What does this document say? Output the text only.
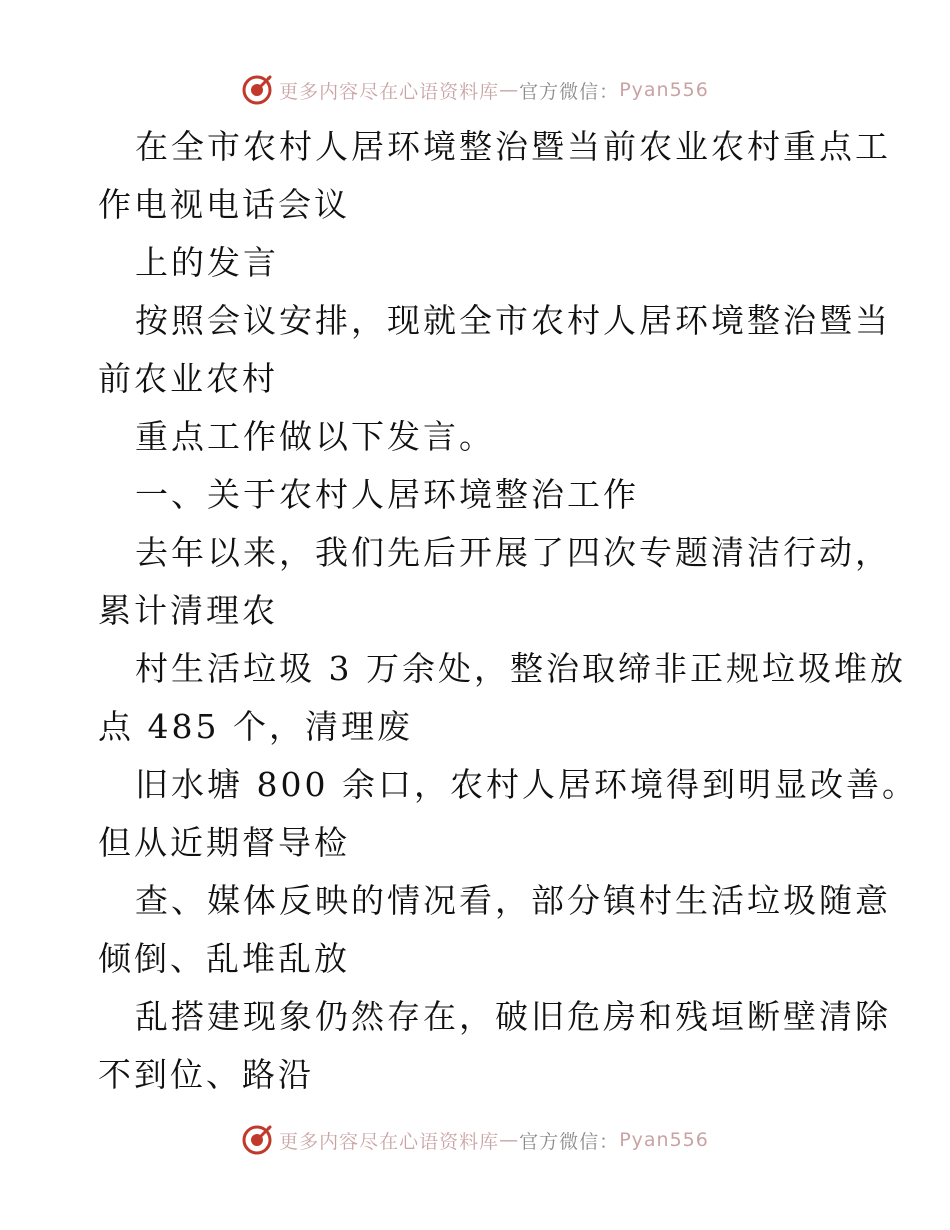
更多内容尽在心语资料库 — 官方微信： Pyan556
在全市农村人居环境整治暨当前农业农村重点工
作电视电话会议
上的发言
按照会议安排，现就全市农村人居环境整治暨当
前农业农村
重点工作做以下发言。
一、关于农村人居环境整治工作
去年以来，我们先后开展了四次专题清洁行动，
累计清理农
村生活垃圾 3 万余处，整治取缔非正规垃圾堆放
点 485 个，清理废
旧水塘 800 余口，农村人居环境得到明显改善。
但从近期督导检
查、媒体反映的情况看，部分镇村生活垃圾随意
倾倒、乱堆乱放
乱搭建现象仍然存在，破旧危房和残垣断壁清除
不到位、路沿
更多内容尽在心语资料库 — 官方微信： Pyan556
